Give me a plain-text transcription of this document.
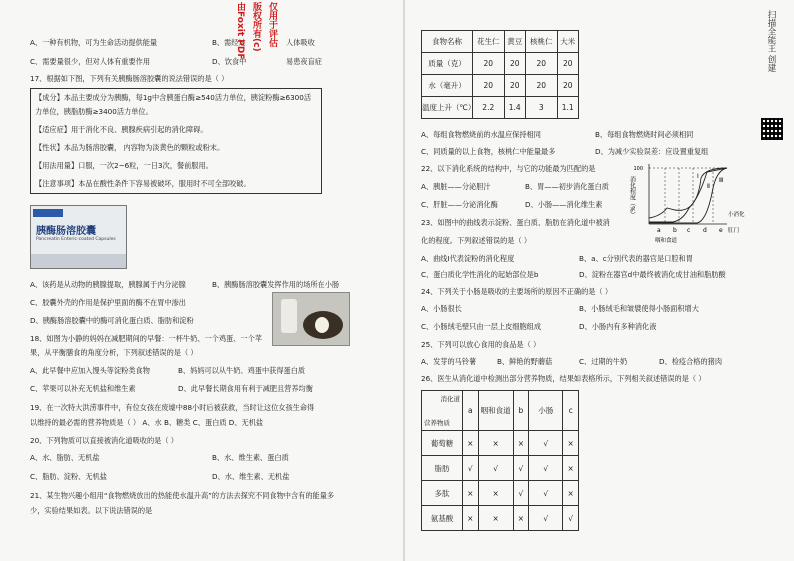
A、一种有机物，可为生命活动提供能量	B、需经过	人体吸收
C、需要量很少，但对人体有重要作用	D、饮食中	易患夜盲症
由Foxit PDF 版权所有(c) 仅用于评估
17、根据如下图，下列有关胰酶肠溶胶囊的说法错误的是（ ）
【成分】本品主要成分为胰酶，每1g中含胰蛋白酶≥540活力单位，胰淀粉酶≥6300活
力单位，胰脂肪酶≥3400活力单位。
【适应症】用于消化不良、胰腺疾病引起的消化障碍。
【性状】本品为肠溶胶囊， 内容物为淡黄色的颗粒或粉末。
【用法用量】口服，一次2~6粒，一日3次，餐前服用。
【注意事项】本品在酸性条件下容易被破坏，服用时不可全部咬破。
胰酶肠溶胶囊
Pancreatin Enteric-coated Capsules
A、该药是从动物的胰腺提取，胰腺属于内分泌腺	B、胰酶肠溶胶囊发挥作用的场所在小肠
C、胶囊外壳的作用是保护里面的酶不在胃中渗出
D、胰酶肠溶胶囊中的酶可消化蛋白质、脂肪和淀粉
18、如图为小静的妈妈在减肥期间的早餐：一杯牛奶、一个鸡蛋、一个苹
果，从平衡膳食的角度分析，下列叙述错误的是（ ）
A、此早餐中应加入馒头等淀粉类食物	B、妈妈可以从牛奶、鸡蛋中获得蛋白质
C、苹果可以补充无机盐和维生素	D、此早餐长期食用有利于减肥且营养均衡
19、在一次特大洪涝事件中，有位女孩在废墟中88小时后被获救，当时让这位女孩生命得
以维持的最必需的营养物质是（ ） A、水 B、糖类 C、蛋白质 D、无机盐
20、下列物质可以直接被消化道吸收的是（ ）
A、水、脂肪、无机盐	B、水、维生素、蛋白质
C、脂肪、淀粉、无机盐	D、水、维生素、无机盐
21、某生物兴趣小组用“食物燃烧放出的热能使水温升高”的方法去探究不同食物中含有的能量多
少，实验结果如表。以下说法错误的是
食物名称	花生仁	黄豆	核桃仁	大米
质量（克）	20	20	20	20
水（毫升）	20	20	20	20
温度上升（℃）	2.2	1.4	3	1.1
A、每组食物燃烧前的水温应保持相同	B、每组食物燃烧时间必须相同
C、同质量的以上食物，核桃仁中能量最多	D、为减少实验误差：应设置重复组
22、以下消化系统的结构中，与它的功能最为匹配的是
A、胰脏——分泌胆汁	B、胃——初步消化蛋白质
C、肝脏——分泌消化酶	D、小肠——消化维生素
100
消化程度（%）	Ⅰ
Ⅱ
Ⅲ
a b c d e
咽和食道
小消化
肛门
23、如图中的曲线表示淀粉、蛋白质、脂肪在消化道中被消
化的程度。下列叙述错误的是（ ）
A、曲线Ⅰ代表淀粉的消化程度	B、a、c分别代表的器官是口腔和胃
C、蛋白质化学性消化的起始部位是b	D、淀粉在器官d中最终被消化成甘油和脂肪酸
24、下列关于小肠是吸收的主要场所的原因不正确的是（ ）
A、小肠很长	B、小肠绒毛和皱襞使得小肠面积增大
C、小肠绒毛壁只由一层上皮细胞组成	D、小肠内有多种消化液
25、下列可以放心食用的食品是（ ）
A、发芽的马铃薯	B、鲜艳的野蘑菇	C、过期的牛奶	D、检疫合格的猪肉
26、医生从消化道中检测出部分营养物质，结果如表格所示，下列相关叙述错误的是（ ）
消化道
营养物质	a	咽和食道	b	小肠	c
葡萄糖	×	×	×	√	×
脂肪	√	√	√	√	×
多肽	×	×	√	√	×
氨基酸	×	×	×	√	√
扫描全能王 创建
